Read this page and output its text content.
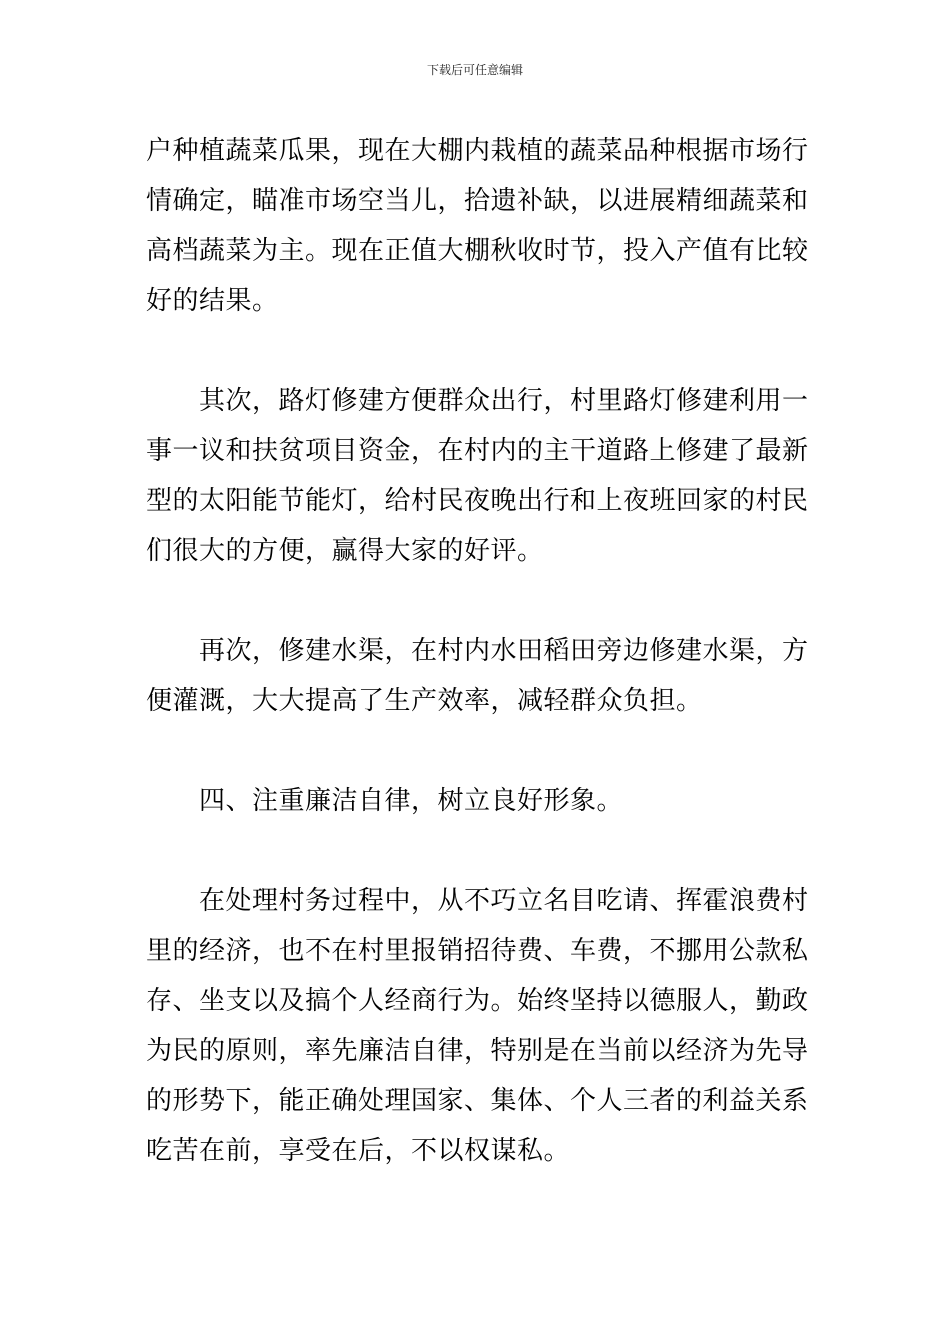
下载后可任意编辑
户种植蔬菜瓜果，现在大棚内栽植的蔬菜品种根据市场行
情确定，瞄准市场空当儿，拾遗补缺，以进展精细蔬菜和
高档蔬菜为主。现在正值大棚秋收时节，投入产值有比较
好的结果。
　　其次，路灯修建方便群众出行，村里路灯修建利用一
事一议和扶贫项目资金，在村内的主干道路上修建了最新
型的太阳能节能灯，给村民夜晚出行和上夜班回家的村民
们很大的方便，赢得大家的好评。
　　再次，修建水渠，在村内水田稻田旁边修建水渠，方
便灌溉，大大提高了生产效率，减轻群众负担。
　　四、注重廉洁自律，树立良好形象。
　　在处理村务过程中，从不巧立名目吃请、挥霍浪费村
里的经济，也不在村里报销招待费、车费，不挪用公款私
存、坐支以及搞个人经商行为。始终坚持以德服人，勤政
为民的原则，率先廉洁自律，特别是在当前以经济为先导
的形势下，能正确处理国家、集体、个人三者的利益关系
吃苦在前，享受在后，不以权谋私。
